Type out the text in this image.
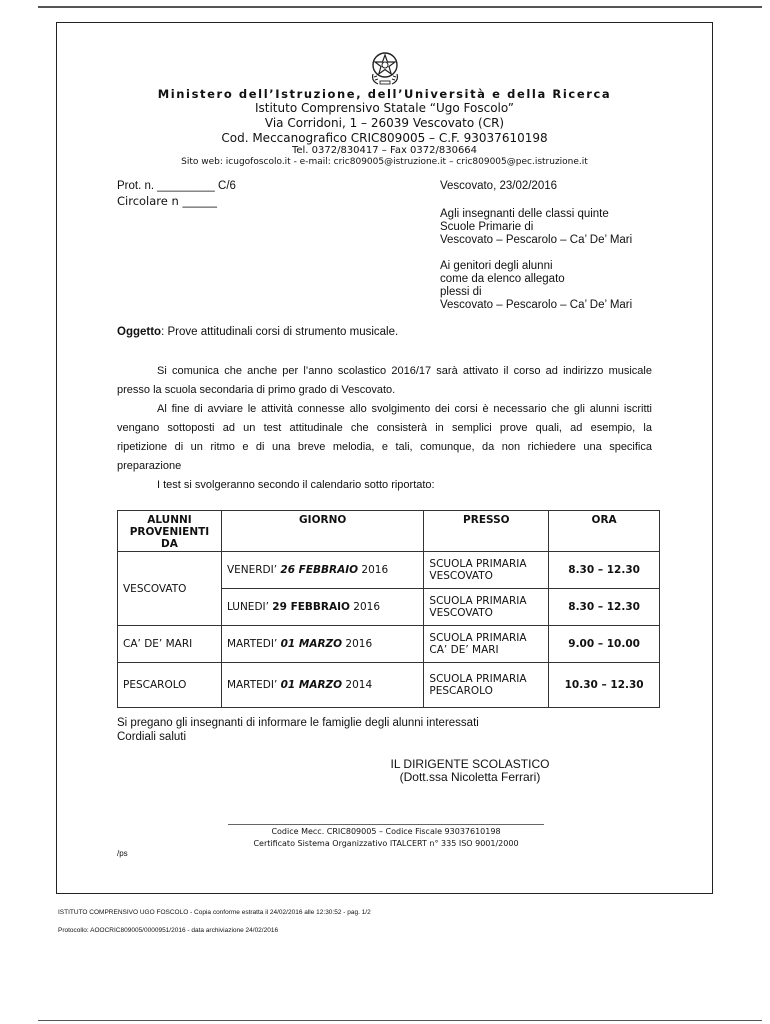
Ministero dell’Istruzione, dell’Università e della Ricerca
Istituto Comprensivo Statale “Ugo Foscolo”
Via Corridoni, 1 – 26039 Vescovato (CR)
Cod. Meccanografico CRIC809005 – C.F. 93037610198
Tel. 0372/830417 – Fax 0372/830664
Sito web: icugofoscolo.it - e-mail: cric809005@istruzione.it – cric809005@pec.istruzione.it
Prot. n. _________ C/6
Circolare n ______
Vescovato, 23/02/2016
Agli insegnanti delle classi quinte
Scuole Primarie di
Vescovato – Pescarolo – Ca’ De’ Mari
Ai genitori degli alunni
come da elenco allegato
plessi di
Vescovato – Pescarolo – Ca’ De’ Mari
Oggetto: Prove attitudinali corsi di strumento musicale.
Si comunica che anche per l’anno scolastico 2016/17 sarà attivato il corso ad indirizzo musicale
presso la scuola secondaria di primo grado di Vescovato.
Al fine di avviare le attività connesse allo svolgimento dei corsi è necessario che gli alunni iscritti
vengano sottoposti ad un test attitudinale che consisterà in semplici prove quali, ad esempio, la
ripetizione di un ritmo e di una breve melodia, e tali, comunque, da non richiedere una specifica
preparazione
I test si svolgeranno secondo il calendario sotto riportato:
ALUNNI PROVENIENTI DA	GIORNO	PRESSO	ORA
VESCOVATO	VENERDI’ 26 FEBBRAIO 2016	SCUOLA PRIMARIA VESCOVATO	8.30 – 12.30
	LUNEDI’ 29 FEBBRAIO 2016	SCUOLA PRIMARIA VESCOVATO	8.30 – 12.30
CA’ DE’ MARI	MARTEDI’ 01 MARZO 2016	SCUOLA PRIMARIA CA’ DE’ MARI	9.00 – 10.00
PESCAROLO	MARTEDI’ 01 MARZO 2014	SCUOLA PRIMARIA PESCAROLO	10.30 – 12.30
Si pregano gli insegnanti di informare le famiglie degli alunni interessati
Cordiali saluti
IL DIRIGENTE SCOLASTICO
(Dott.ssa Nicoletta Ferrari)
Codice Mecc. CRIC809005 – Codice Fiscale 93037610198
Certificato Sistema Organizzativo ITALCERT n° 335 ISO 9001/2000
/ps
ISTITUTO COMPRENSIVO UGO FOSCOLO - Copia conforme estratta il 24/02/2016 alle 12:30:52 - pag. 1/2
Protocollo: AOOCRIC809005/0000951/2016 - data archiviazione 24/02/2016
